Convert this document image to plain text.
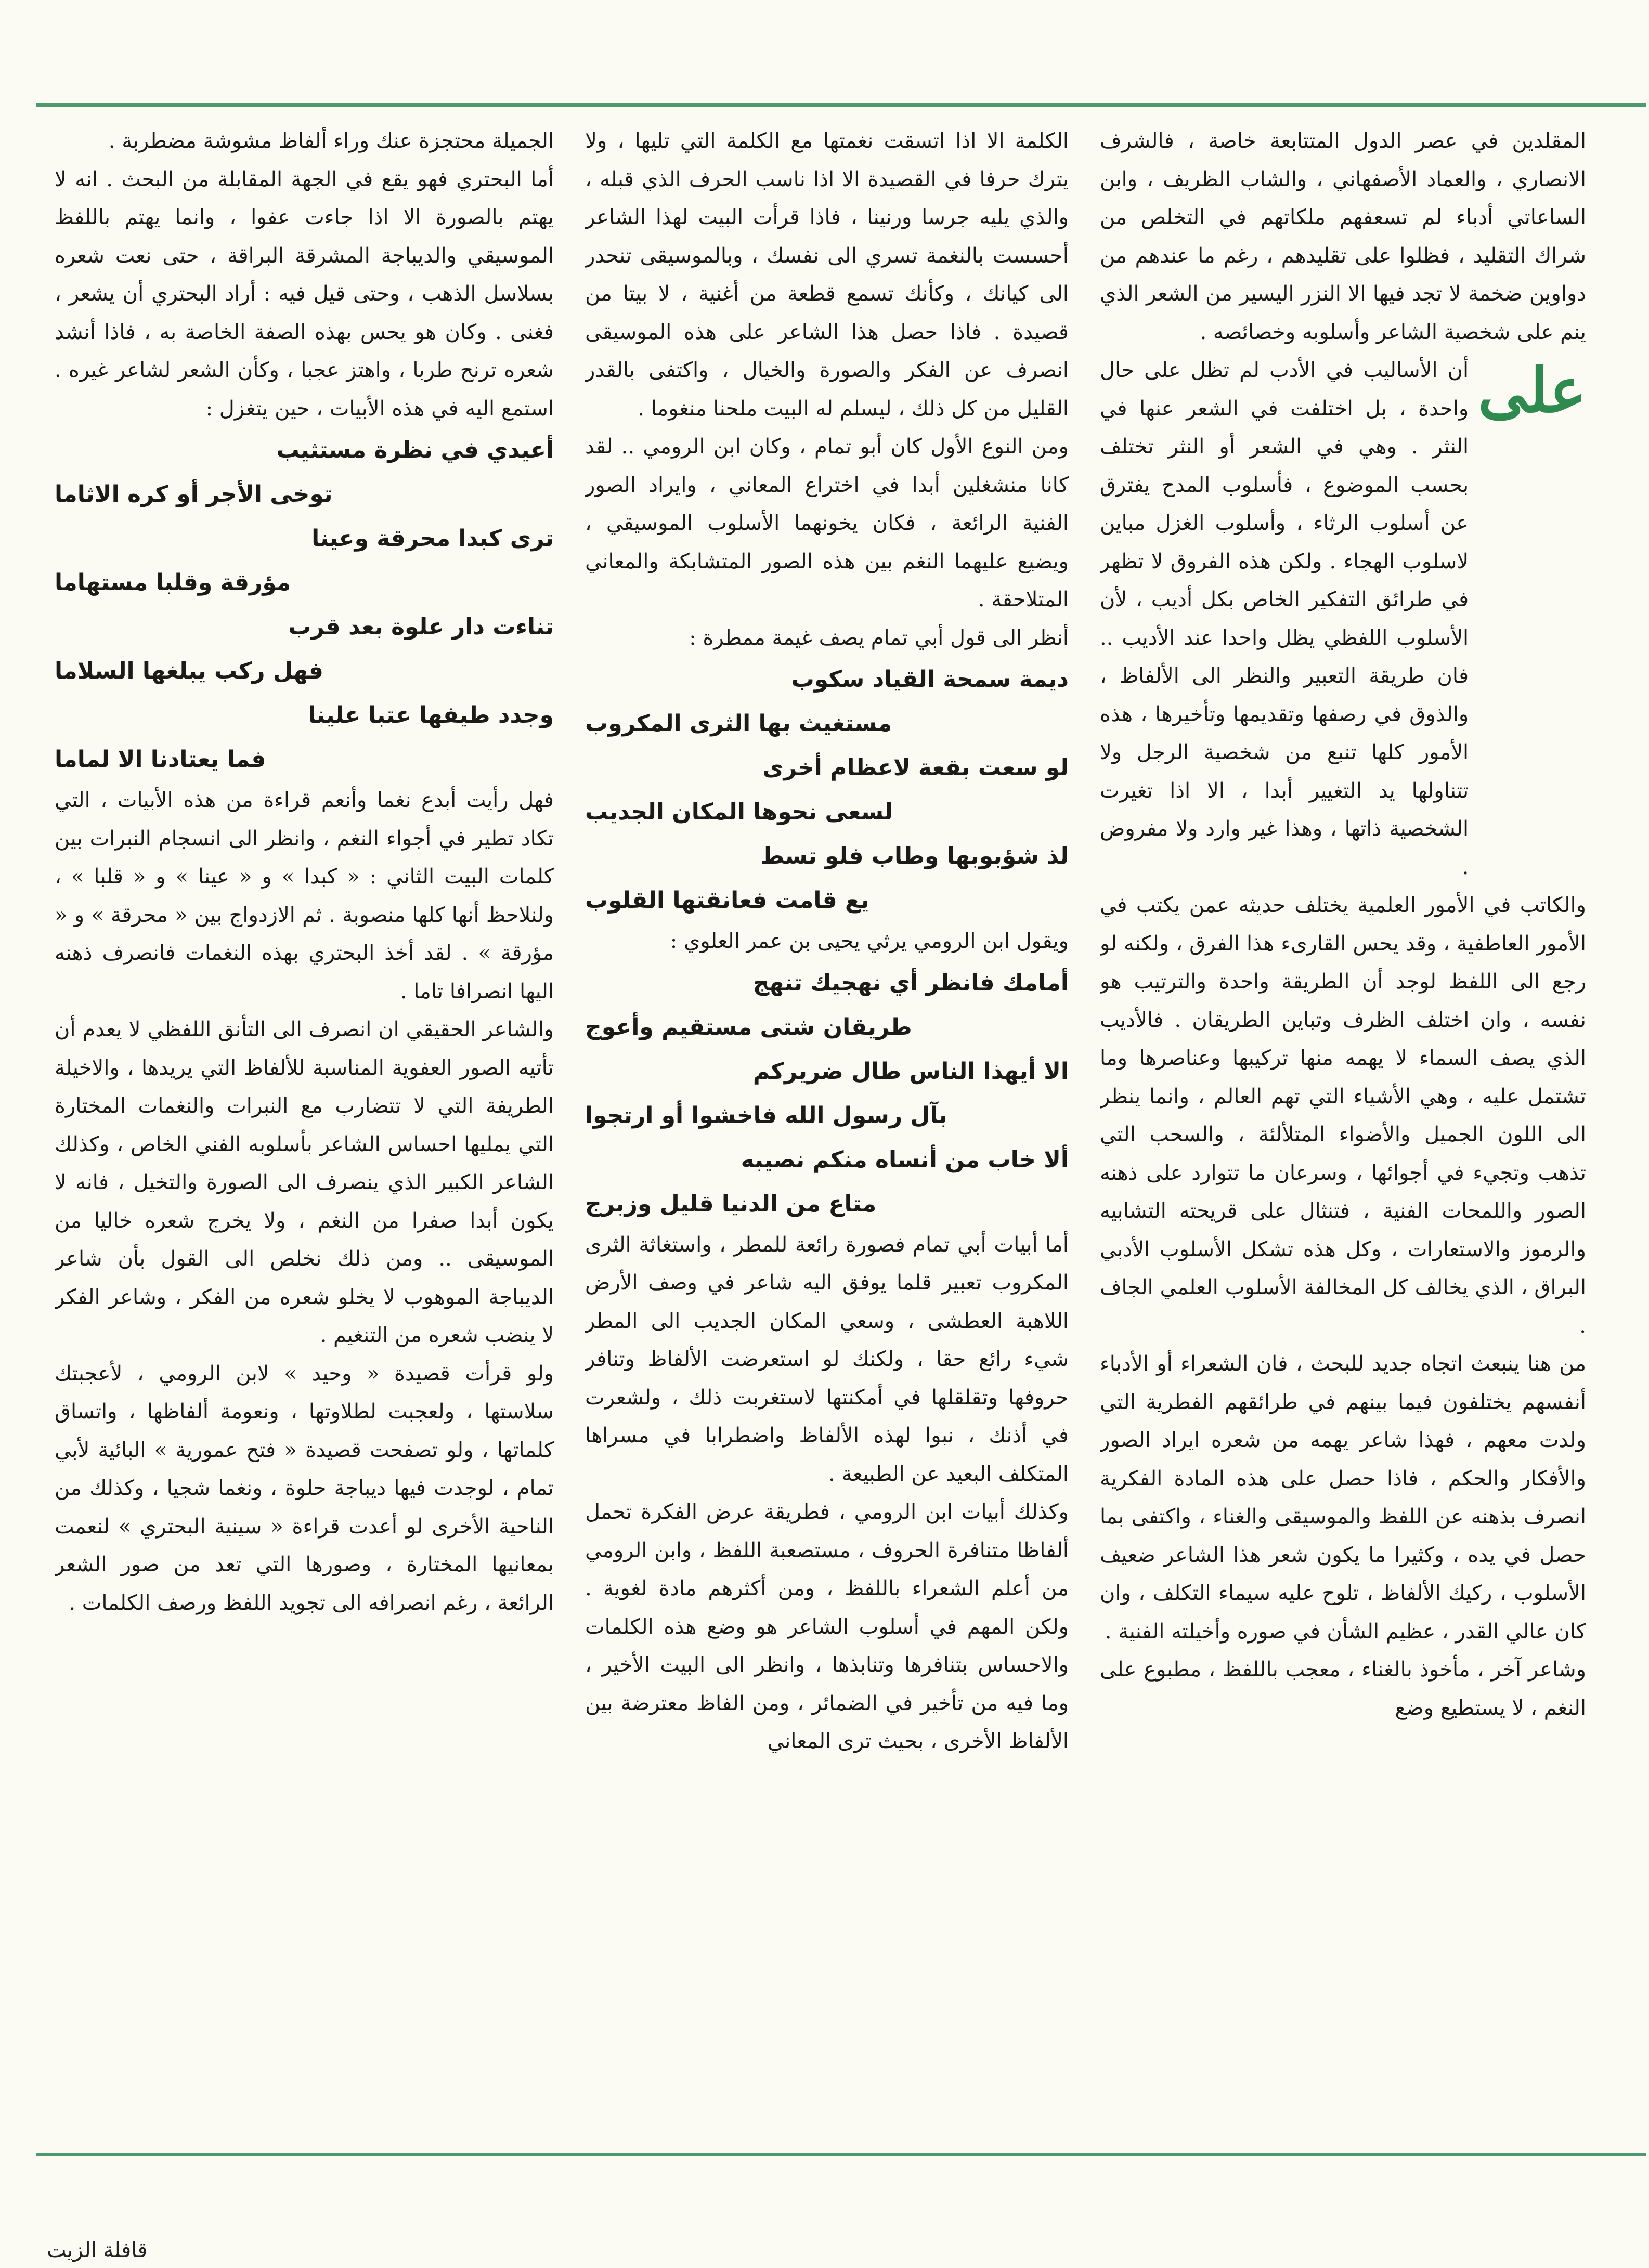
المقلدين في عصر الدول المتتابعة خاصة ، فالشرف الانصاري ، والعماد الأصفهاني ، والشاب الظريف ، وابن الساعاتي أدباء لم تسعفهم ملكاتهم في التخلص من شراك التقليد ، فظلوا على تقليدهم ، رغم ما عندهم من دواوين ضخمة لا تجد فيها الا النزر اليسير من الشعر الذي ينم على شخصية الشاعر وأسلوبه وخصائصه .

على

أن الأساليب في الأدب لم تظل على حال واحدة ، بل اختلفت في الشعر عنها في النثر . وهي في الشعر أو النثر تختلف بحسب الموضوع ، فأسلوب المدح يفترق عن أسلوب الرثاء ، وأسلوب الغزل مباين لاسلوب الهجاء . ولكن هذه الفروق لا تظهر في طرائق التفكير الخاص بكل أديب ، لأن الأسلوب اللفظي يظل واحدا عند الأديب .. فان طريقة التعبير والنظر الى الألفاظ ، والذوق في رصفها وتقديمها وتأخيرها ، هذه الأمور كلها تنبع من شخصية الرجل ولا تتناولها يد التغيير أبدا ، الا اذا تغيرت الشخصية ذاتها ، وهذا غير وارد ولا مفروض .

والكاتب في الأمور العلمية يختلف حديثه عمن يكتب في الأمور العاطفية ، وقد يحس القارىء هذا الفرق ، ولكنه لو رجع الى اللفظ لوجد أن الطريقة واحدة والترتيب هو نفسه ، وان اختلف الظرف وتباين الطريقان . فالأديب الذي يصف السماء لا يهمه منها تركيبها وعناصرها وما تشتمل عليه ، وهي الأشياء التي تهم العالم ، وانما ينظر الى اللون الجميل والأضواء المتلألئة ، والسحب التي تذهب وتجيء في أجوائها ، وسرعان ما تتوارد على ذهنه الصور واللمحات الفنية ، فتنثال على قريحته التشابيه والرموز والاستعارات ، وكل هذه تشكل الأسلوب الأدبي البراق ، الذي يخالف كل المخالفة الأسلوب العلمي الجاف .

من هنا ينبعث اتجاه جديد للبحث ، فان الشعراء أو الأدباء أنفسهم يختلفون فيما بينهم في طرائقهم الفطرية التي ولدت معهم ، فهذا شاعر يهمه من شعره ايراد الصور والأفكار والحكم ، فاذا حصل على هذه المادة الفكرية انصرف بذهنه عن اللفظ والموسيقى والغناء ، واكتفى بما حصل في يده ، وكثيرا ما يكون شعر هذا الشاعر ضعيف الأسلوب ، ركيك الألفاظ ، تلوح عليه سيماء التكلف ، وان كان عالي القدر ، عظيم الشأن في صوره وأخيلته الفنية .

وشاعر آخر ، مأخوذ بالغناء ، معجب باللفظ ، مطبوع على النغم ، لا يستطيع وضع

الكلمة الا اذا اتسقت نغمتها مع الكلمة التي تليها ، ولا يترك حرفا في القصيدة الا اذا ناسب الحرف الذي قبله ، والذي يليه جرسا ورنينا ، فاذا قرأت البيت لهذا الشاعر أحسست بالنغمة تسري الى نفسك ، وبالموسيقى تنحدر الى كيانك ، وكأنك تسمع قطعة من أغنية ، لا بيتا من قصيدة . فاذا حصل هذا الشاعر على هذه الموسيقى انصرف عن الفكر والصورة والخيال ، واكتفى بالقدر القليل من كل ذلك ، ليسلم له البيت ملحنا منغوما .

ومن النوع الأول كان أبو تمام ، وكان ابن الرومي .. لقد كانا منشغلين أبدا في اختراع المعاني ، وايراد الصور الفنية الرائعة ، فكان يخونهما الأسلوب الموسيقي ، ويضيع عليهما النغم بين هذه الصور المتشابكة والمعاني المتلاحقة .

أنظر الى قول أبي تمام يصف غيمة ممطرة :

ديمة سمحة القياد سكوب

مستغيث بها الثرى المكروب

لو سعت بقعة لاعظام أخرى

لسعى نحوها المكان الجديب

لذ شؤبوبها وطاب فلو تسط

يع قامت فعانقتها القلوب

ويقول ابن الرومي يرثي يحيى بن عمر العلوي :

أمامك فانظر أي نهجيك تنهج

طريقان شتى مستقيم وأعوج

الا أيهذا الناس طال ضريركم

بآل رسول الله فاخشوا أو ارتجوا

ألا خاب من أنساه منكم نصيبه

متاع من الدنيا قليل وزبرج

أما أبيات أبي تمام فصورة رائعة للمطر ، واستغاثة الثرى المكروب تعبير قلما يوفق اليه شاعر في وصف الأرض اللاهبة العطشى ، وسعي المكان الجديب الى المطر شيء رائع حقا ، ولكنك لو استعرضت الألفاظ وتنافر حروفها وتقلقلها في أمكنتها لاستغربت ذلك ، ولشعرت في أذنك ، نبوا لهذه الألفاظ واضطرابا في مسراها المتكلف البعيد عن الطبيعة .

وكذلك أبيات ابن الرومي ، فطريقة عرض الفكرة تحمل ألفاظا متنافرة الحروف ، مستصعبة اللفظ ، وابن الرومي من أعلم الشعراء باللفظ ، ومن أكثرهم مادة لغوية . ولكن المهم في أسلوب الشاعر هو وضع هذه الكلمات والاحساس بتنافرها وتنابذها ، وانظر الى البيت الأخير ، وما فيه من تأخير في الضمائر ، ومن الفاظ معترضة بين الألفاظ الأخرى ، بحيث ترى المعاني

الجميلة محتجزة عنك وراء ألفاظ مشوشة مضطربة .

أما البحتري فهو يقع في الجهة المقابلة من البحث . انه لا يهتم بالصورة الا اذا جاءت عفوا ، وانما يهتم باللفظ الموسيقي والديباجة المشرقة البراقة ، حتى نعت شعره بسلاسل الذهب ، وحتى قيل فيه : أراد البحتري أن يشعر ، فغنى . وكان هو يحس بهذه الصفة الخاصة به ، فاذا أنشد شعره ترنح طربا ، واهتز عجبا ، وكأن الشعر لشاعر غيره . استمع اليه في هذه الأبيات ، حين يتغزل :

أعيدي في نظرة مستثيب

توخى الأجر أو كره الاثاما

ترى كبدا محرقة وعينا

مؤرقة وقلبا مستهاما

تناءت دار علوة بعد قرب

فهل ركب يبلغها السلاما

وجدد طيفها عتبا علينا

فما يعتادنا الا لماما

فهل رأيت أبدع نغما وأنعم قراءة من هذه الأبيات ، التي تكاد تطير في أجواء النغم ، وانظر الى انسجام النبرات بين كلمات البيت الثاني : « كبدا » و « عينا » و « قلبا » ، ولنلاحظ أنها كلها منصوبة . ثم الازدواج بين « محرقة » و « مؤرقة » . لقد أخذ البحتري بهذه النغمات فانصرف ذهنه اليها انصرافا تاما .

والشاعر الحقيقي ان انصرف الى التأنق اللفظي لا يعدم أن تأتيه الصور العفوية المناسبة للألفاظ التي يريدها ، والاخيلة الطريفة التي لا تتضارب مع النبرات والنغمات المختارة التي يمليها احساس الشاعر بأسلوبه الفني الخاص ، وكذلك الشاعر الكبير الذي ينصرف الى الصورة والتخيل ، فانه لا يكون أبدا صفرا من النغم ، ولا يخرج شعره خاليا من الموسيقى .. ومن ذلك نخلص الى القول بأن شاعر الديباجة الموهوب لا يخلو شعره من الفكر ، وشاعر الفكر لا ينضب شعره من التنغيم .

ولو قرأت قصيدة « وحيد » لابن الرومي ، لأعجبتك سلاستها ، ولعجبت لطلاوتها ، ونعومة ألفاظها ، واتساق كلماتها ، ولو تصفحت قصيدة « فتح عمورية » البائية لأبي تمام ، لوجدت فيها ديباجة حلوة ، ونغما شجيا ، وكذلك من الناحية الأخرى لو أعدت قراءة « سينية البحتري » لنعمت بمعانيها المختارة ، وصورها التي تعد من صور الشعر الرائعة ، رغم انصرافه الى تجويد اللفظ ورصف الكلمات .

قافلة الزيت
